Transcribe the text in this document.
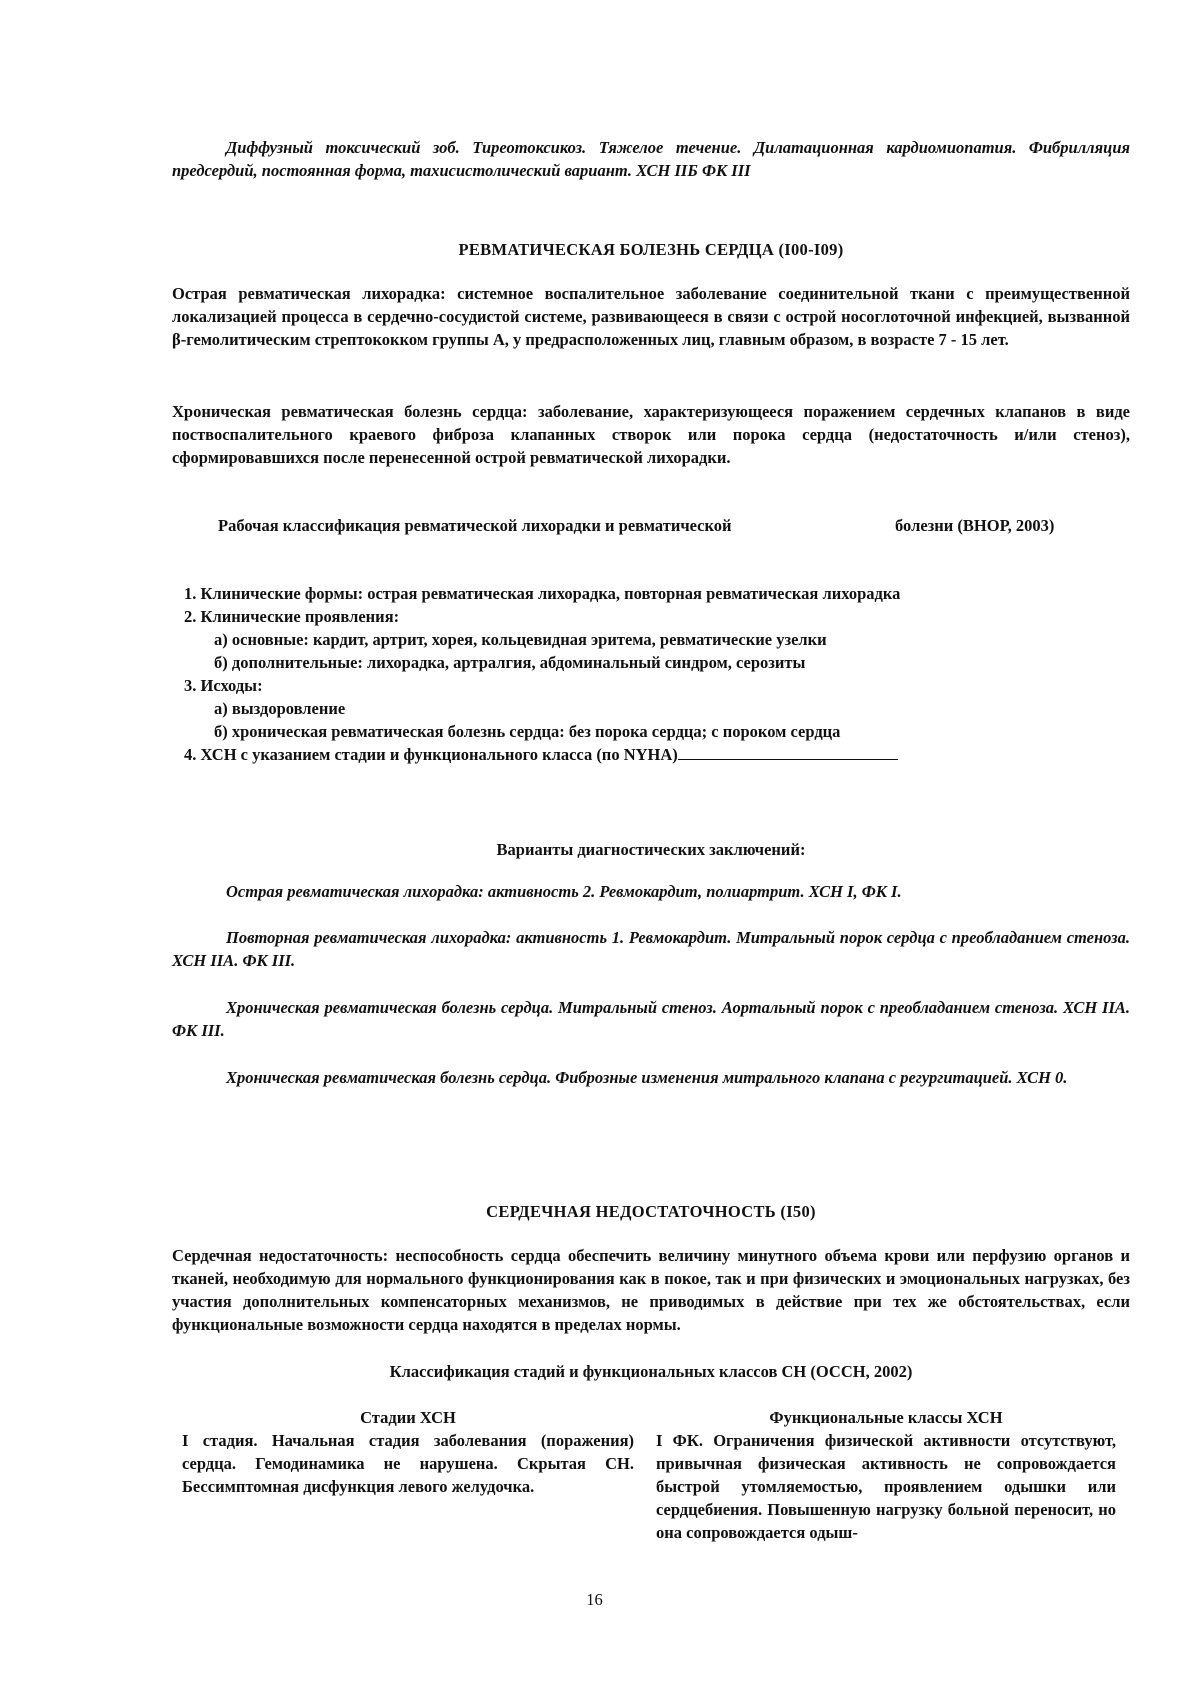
Диффузный токсический зоб. Тиреотоксикоз. Тяжелое течение. Дилатационная кардиомиопатия. Фибрилляция предсердий, постоянная форма, тахисистолический вариант. ХСН IIБ ФК III
РЕВМАТИЧЕСКАЯ БОЛЕЗНЬ СЕРДЦА (I00-I09)
Острая ревматическая лихорадка: системное воспалительное заболевание соединительной ткани с преимущественной локализацией процесса в сердечно-сосудистой системе, развивающееся в связи с острой носоглоточной инфекцией, вызванной β-гемолитическим стрептококком группы А, у предрасположенных лиц, главным образом, в возрасте 7 - 15 лет.
Хроническая ревматическая болезнь сердца: заболевание, характеризующееся поражением сердечных клапанов в виде поствоспалительного краевого фиброза клапанных створок или порока сердца (недостаточность и/или стеноз), сформировавшихся после перенесенной острой ревматической лихорадки.
Рабочая классификация ревматической лихорадки и ревматической	болезни (ВНОР, 2003)
1. Клинические формы: острая ревматическая лихорадка, повторная ревматическая лихорадка
2. Клинические проявления:
а) основные: кардит, артрит, хорея, кольцевидная эритема, ревматические узелки
б) дополнительные: лихорадка, артралгия, абдоминальный синдром, серозиты
3. Исходы:
а) выздоровление
б) хроническая ревматическая болезнь сердца: без порока сердца; с пороком сердца
4. ХСН с указанием стадии и функционального класса (по NYHA)
Варианты диагностических заключений:
Острая ревматическая лихорадка: активность 2. Ревмокардит, полиартрит. ХСН I, ФК I.
Повторная ревматическая лихорадка: активность 1. Ревмокардит. Митральный порок сердца с преобладанием стеноза. ХСН IIA. ФК III.
Хроническая ревматическая болезнь сердца. Митральный стеноз. Аортальный порок с преобладанием стеноза. ХСН IIA. ФК III.
Хроническая ревматическая болезнь сердца. Фиброзные изменения митрального клапана с регургитацией. ХСН 0.
СЕРДЕЧНАЯ НЕДОСТАТОЧНОСТЬ (I50)
Сердечная недостаточность: неспособность сердца обеспечить величину минутного объема крови или перфузию органов и тканей, необходимую для нормального функционирования как в покое, так и при физических и эмоциональных нагрузках, без участия дополнительных компенсаторных механизмов, не приводимых в действие при тех же обстоятельствах, если функциональные возможности сердца находятся в пределах нормы.
Классификация стадий и функциональных классов СН (ОССН, 2002)
Стадии ХСН
I стадия. Начальная стадия заболевания (поражения) сердца. Гемодинамика не нарушена. Скрытая СН. Бессимптомная дисфункция левого желудочка.
Функциональные классы ХСН
I ФК. Ограничения физической активности отсутствуют, привычная физическая активность не сопровождается быстрой утомляемостью, проявлением одышки или сердцебиения. Повышенную нагрузку больной переносит, но она сопровождается одыш-
16
